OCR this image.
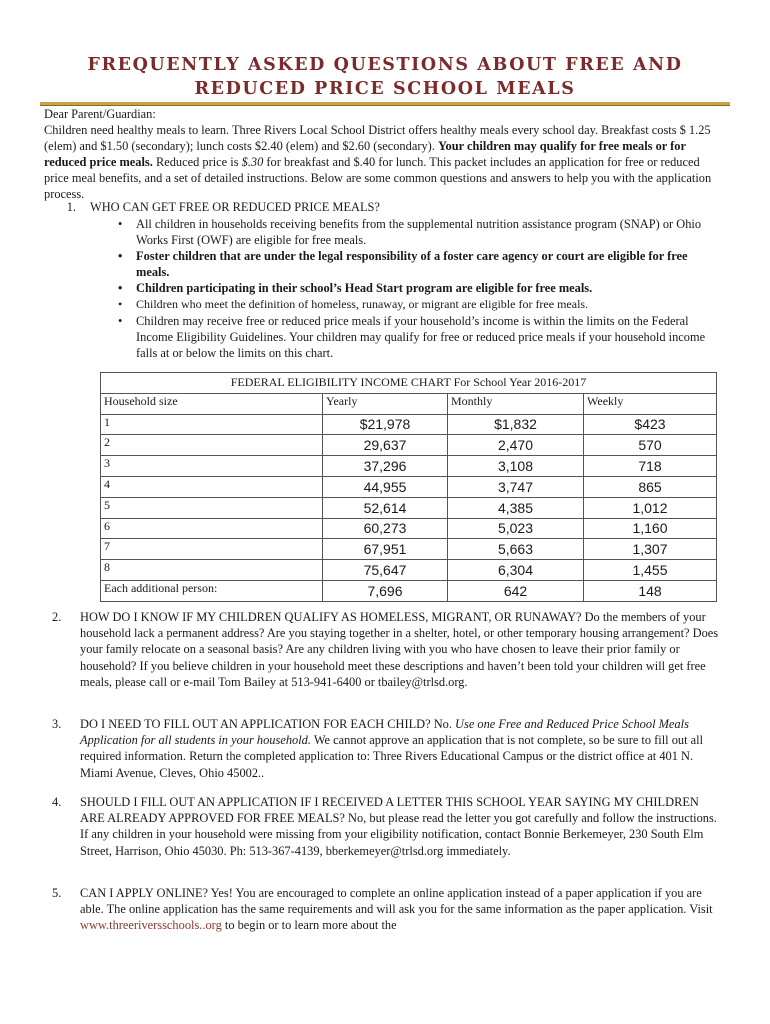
FREQUENTLY ASKED QUESTIONS ABOUT FREE AND
REDUCED PRICE SCHOOL MEALS
Dear Parent/Guardian:
Children need healthy meals to learn. Three Rivers Local School District offers healthy meals every school day. Breakfast costs $ 1.25 (elem) and $1.50 (secondary); lunch costs $2.40 (elem) and $2.60 (secondary). Your children may qualify for free meals or for reduced price meals. Reduced price is $.30 for breakfast and $.40 for lunch. This packet includes an application for free or reduced price meal benefits, and a set of detailed instructions. Below are some common questions and answers to help you with the application process.
1. WHO CAN GET FREE OR REDUCED PRICE MEALS?
• All children in households receiving benefits from the supplemental nutrition assistance program (SNAP) or Ohio Works First (OWF) are eligible for free meals.
• Foster children that are under the legal responsibility of a foster care agency or court are eligible for free meals.
• Children participating in their school’s Head Start program are eligible for free meals.
• Children who meet the definition of homeless, runaway, or migrant are eligible for free meals.
• Children may receive free or reduced price meals if your household’s income is within the limits on the Federal Income Eligibility Guidelines. Your children may qualify for free or reduced price meals if your household income falls at or below the limits on this chart.
FEDERAL ELIGIBILITY INCOME CHART For School Year 2016-2017			
Household size	Yearly	Monthly	Weekly
1	$21,978	$1,832	$423
2	29,637	2,470	570
3	37,296	3,108	718
4	44,955	3,747	865
5	52,614	4,385	1,012
6	60,273	5,023	1,160
7	67,951	5,663	1,307
8	75,647	6,304	1,455
Each additional person:	7,696	642	148
2. HOW DO I KNOW IF MY CHILDREN QUALIFY AS HOMELESS, MIGRANT, OR RUNAWAY? Do the members of your household lack a permanent address? Are you staying together in a shelter, hotel, or other temporary housing arrangement? Does your family relocate on a seasonal basis? Are any children living with you who have chosen to leave their prior family or household? If you believe children in your household meet these descriptions and haven’t been told your children will get free meals, please call or e-mail Tom Bailey at 513-941-6400 or tbailey@trlsd.org.
3. DO I NEED TO FILL OUT AN APPLICATION FOR EACH CHILD? No. Use one Free and Reduced Price School Meals Application for all students in your household. We cannot approve an application that is not complete, so be sure to fill out all required information. Return the completed application to: Three Rivers Educational Campus or the district office at 401 N. Miami Avenue, Cleves, Ohio 45002..
4. SHOULD I FILL OUT AN APPLICATION IF I RECEIVED A LETTER THIS SCHOOL YEAR SAYING MY CHILDREN ARE ALREADY APPROVED FOR FREE MEALS? No, but please read the letter you got carefully and follow the instructions. If any children in your household were missing from your eligibility notification, contact Bonnie Berkemeyer, 230 South Elm Street, Harrison, Ohio 45030. Ph: 513-367-4139, bberkemeyer@trlsd.org immediately.
5. CAN I APPLY ONLINE? Yes! You are encouraged to complete an online application instead of a paper application if you are able. The online application has the same requirements and will ask you for the same information as the paper application. Visit www.threeriversschools..org to begin or to learn more about the
